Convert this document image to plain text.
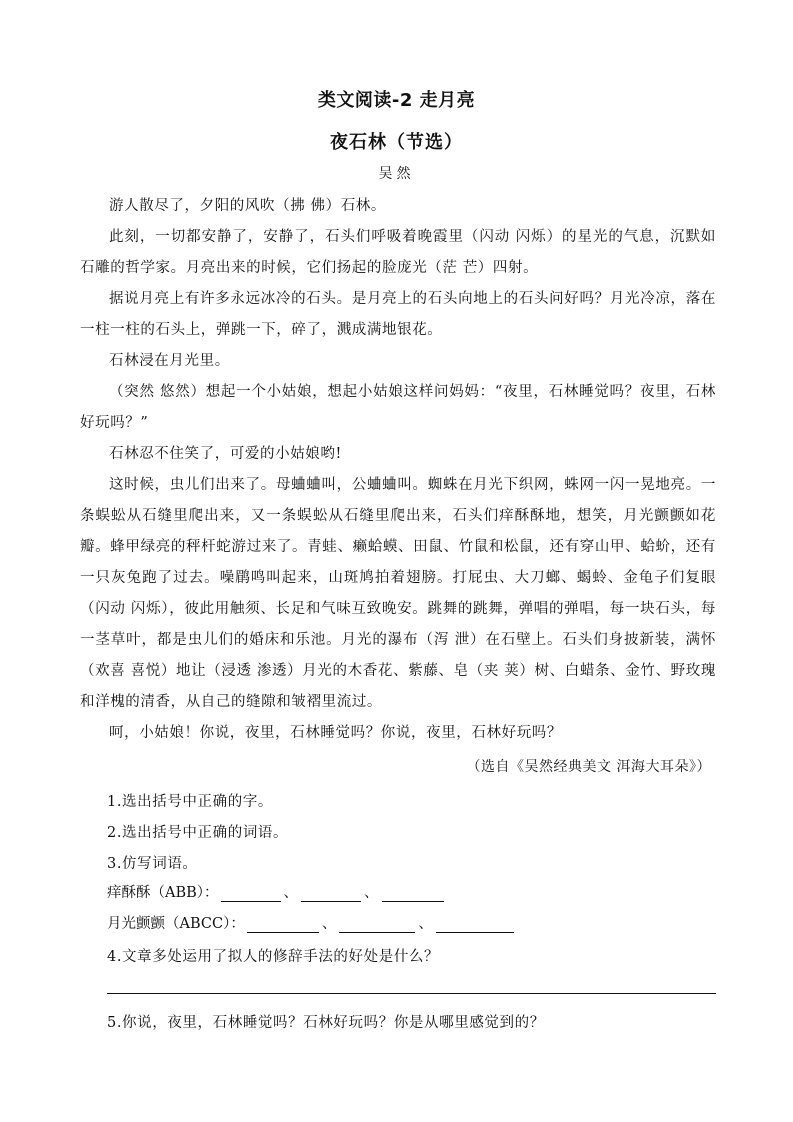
类文阅读-2 走月亮
夜石林（节选）
吴然

游人散尽了，夕阳的风吹（拂 佛）石林。

此刻，一切都安静了，安静了，石头们呼吸着晚霞里（闪动 闪烁）的星光的气息，沉默如石雕的哲学家。月亮出来的时候，它们扬起的脸庞光（茫 芒）四射。

据说月亮上有许多永远冰冷的石头。是月亮上的石头向地上的石头问好吗？月光冷凉，落在一柱一柱的石头上，弹跳一下，碎了，溅成满地银花。

石林浸在月光里。

（突然 悠然）想起一个小姑娘，想起小姑娘这样问妈妈：“夜里，石林睡觉吗？夜里，石林好玩吗？”

石林忍不住笑了，可爱的小姑娘哟!

这时候，虫儿们出来了。母蛐蛐叫，公蛐蛐叫。蜘蛛在月光下织网，蛛网一闪一晃地亮。一条蜈蚣从石缝里爬出来，又一条蜈蚣从石缝里爬出来，石头们痒酥酥地，想笑，月光颤颤如花瓣。蜂甲绿亮的秤杆蛇游过来了。青蛙、癞蛤蟆、田鼠、竹鼠和松鼠，还有穿山甲、蛤蚧，还有一只灰兔跑了过去。噪鹛鸣叫起来，山斑鸠拍着翅膀。打屁虫、大刀螂、蝎蛉、金龟子们复眼（闪动 闪烁），彼此用触须、长足和气味互致晚安。跳舞的跳舞，弹唱的弹唱，每一块石头，每一茎草叶，都是虫儿们的婚床和乐池。月光的瀑布（泻 泄）在石壁上。石头们身披新装，满怀（欢喜 喜悦）地让（浸透 渗透）月光的木香花、紫藤、皂（夹 荚）树、白蜡条、金竹、野玫瑰和洋槐的清香，从自己的缝隙和皱褶里流过。

呵，小姑娘！你说，夜里，石林睡觉吗？你说，夜里，石林好玩吗？

（选自《吴然经典美文 洱海大耳朵》）
1.选出括号中正确的字。
2.选出括号中正确的词语。
3.仿写词语。
痒酥酥（ABB）：	、	、
月光颤颤（ABCC）：	、	、
4.文章多处运用了拟人的修辞手法的好处是什么？
5.你说，夜里，石林睡觉吗？石林好玩吗？你是从哪里感觉到的？
